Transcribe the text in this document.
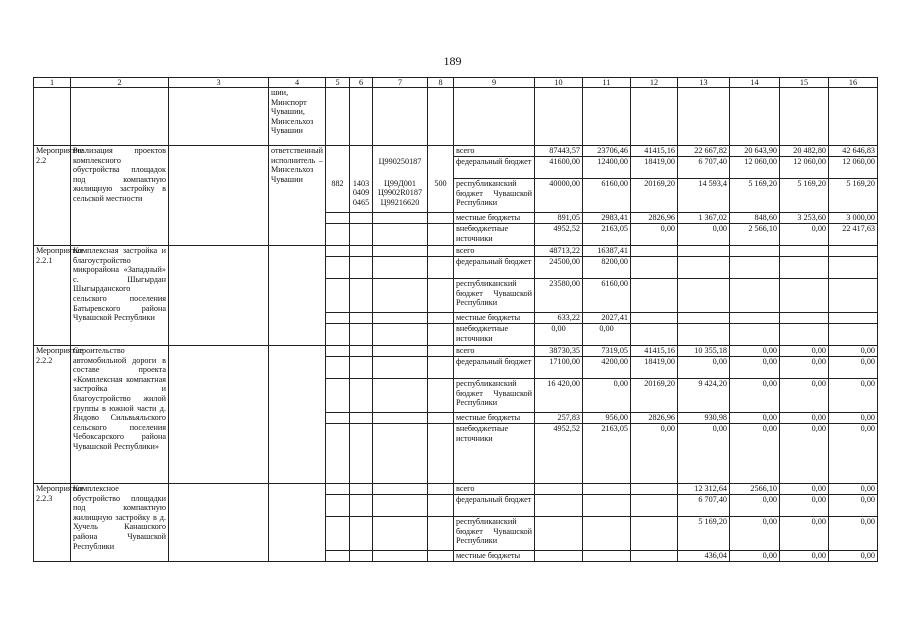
189
1	2	3	4	5	6	7	8	9	10	11	12	13	14	15	16
			шии, Минспорт Чувашии, Минсельхоз Чувашии												
Мероприятие 2.2	Реализация проектов комплексного обустройства площадок под компактную жилищную застройку в сельской местности		ответственный исполнитель – Минсельхоз Чувашии					всего	87443,57	23706,46	41415,16	22 667,82	20 643,90	20 482,80	42 646,83
						Ц990250187		федеральный бюджет	41600,00	12400,00	18419,00	6 707,40	12 060,00	12 060,00	12 060,00
				882	1403 0409 0465	Ц99Д001 Ц9902R0187 Ц99216620	500	республиканский бюджет Чувашской Республики	40000,00	6160,00	20169,20	14 593,4	5 169,20	5 169,20	5 169,20
								местные бюджеты	891,05	2983,41	2826,96	1 367,02	848,60	3 253,60	3 000,00
								внебюджетные источники	4952,52	2163,05	0,00	0,00	2 566,10	0,00	22 417,63
Мероприятие 2.2.1	Комплексная застройка и благоустройство микрорайона «Западный» с. Шыгырдан Шыгырданского сельского поселения Батыревского района Чувашской Республики							всего	48713,22	16387,41					
								федеральный бюджет	24500,00	8200,00					
								республиканский бюджет Чувашской Республики	23580,00	6160,00					
								местные бюджеты	633,22	2027,41					
								внебюджетные источники	0,00	0,00					
Мероприятие 2.2.2	Строительство автомобильной дороги в составе проекта «Комплексная компактная застройка и благоустройство жилой группы в южной части д. Яндово Сильвьяльского сельского поселения Чебоксарского района Чувашской Республики»							всего	38730,35	7319,05	41415,16	10 355,18	0,00	0,00	0,00
								федеральный бюджет	17100,00	4200,00	18419,00	0,00	0,00	0,00	0,00
								республиканский бюджет Чувашской Республики	16 420,00	0,00	20169,20	9 424,20	0,00	0,00	0,00
								местные бюджеты	257,83	956,00	2826,96	930,98	0,00	0,00	0,00
								внебюджетные источники	4952,52	2163,05	0,00	0,00	0,00	0,00	0,00
Мероприятие 2.2.3	Комплексное обустройство площадки под компактную жилищную застройку в д. Хучель Канашского района Чувашской Республики							всего				12 312,64	2566,10	0,00	0,00
								федеральный бюджет				6 707,40	0,00	0,00	0,00
								республиканский бюджет Чувашской Республики				5 169,20	0,00	0,00	0,00
								местные бюджеты				436,04	0,00	0,00	0,00
